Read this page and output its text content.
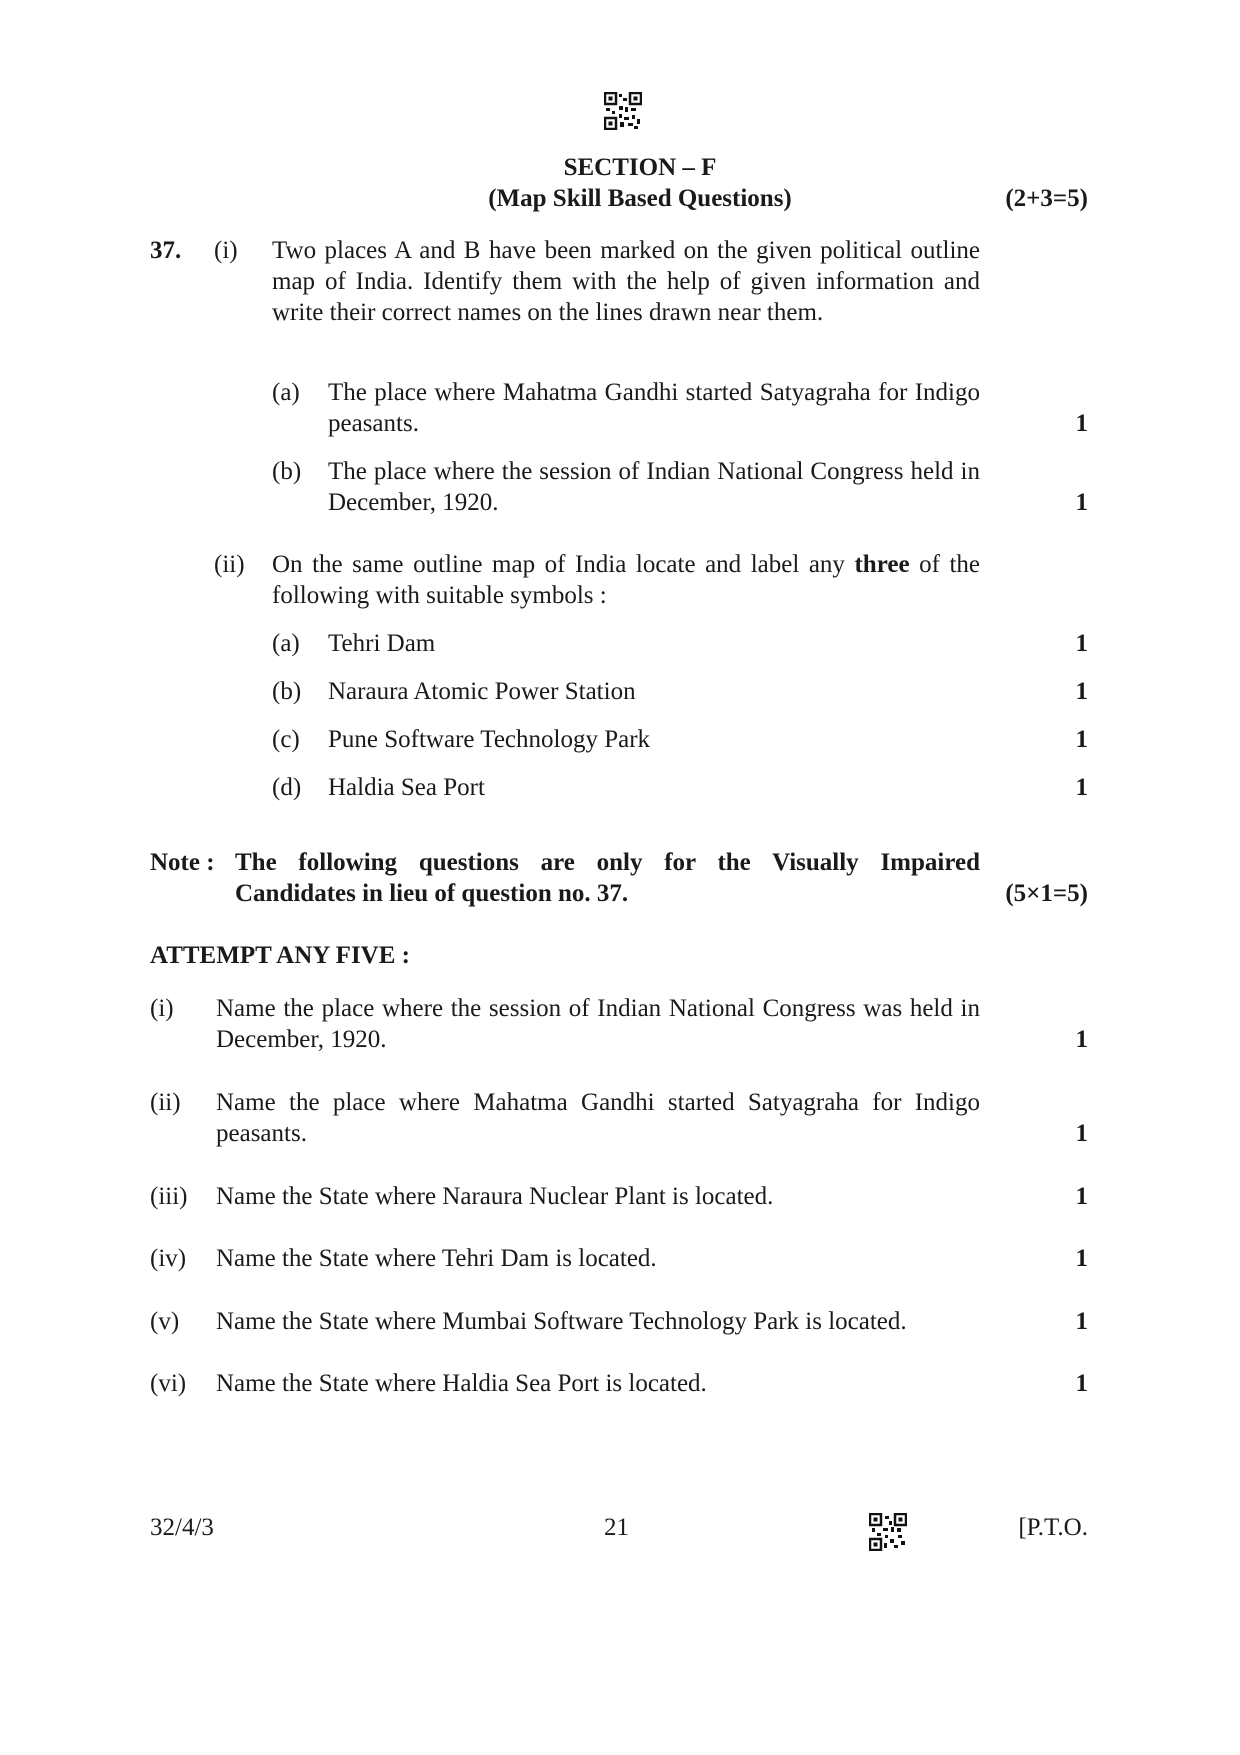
SECTION – F
(Map Skill Based Questions)	(2+3=5)
37. (i) Two places A and B have been marked on the given political outline map of India. Identify them with the help of given information and write their correct names on the lines drawn near them.
(a) The place where Mahatma Gandhi started Satyagraha for Indigo peasants.	1
(b) The place where the session of Indian National Congress held in December, 1920.	1
(ii) On the same outline map of India locate and label any three of the following with suitable symbols :
(a) Tehri Dam	1
(b) Naraura Atomic Power Station	1
(c) Pune Software Technology Park	1
(d) Haldia Sea Port	1
Note : The following questions are only for the Visually Impaired Candidates in lieu of question no. 37.	(5×1=5)
ATTEMPT ANY FIVE :
(i) Name the place where the session of Indian National Congress was held in December, 1920.	1
(ii) Name the place where Mahatma Gandhi started Satyagraha for Indigo peasants.	1
(iii) Name the State where Naraura Nuclear Plant is located.	1
(iv) Name the State where Tehri Dam is located.	1
(v) Name the State where Mumbai Software Technology Park is located.	1
(vi) Name the State where Haldia Sea Port is located.	1
32/4/3	21	[P.T.O.
